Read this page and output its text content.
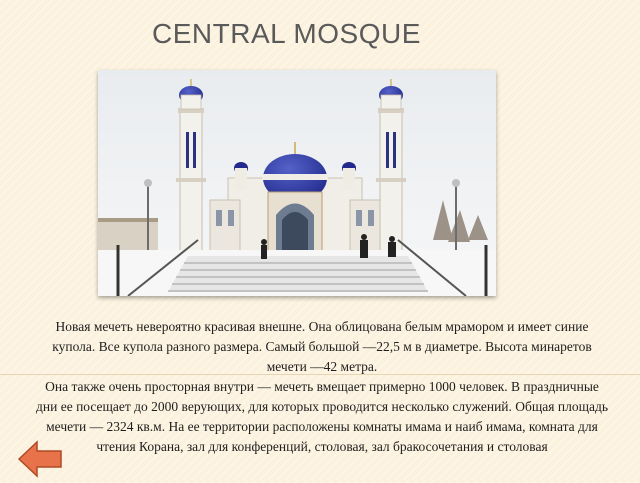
CENTRAL MOSQUE
Новая мечеть невероятно красивая внешне. Она облицована белым мрамором и имеет синие купола. Все купола разного размера. Самый большой —22,5 м в диаметре. Высота минаретов мечети —42 метра.
Она также очень просторная внутри — мечеть вмещает примерно 1000 человек. В праздничные дни ее посещает до 2000 верующих, для которых проводится несколько служений. Общая площадь мечети — 2324 кв.м. На ее территории расположены комнаты имама и наиб имама, комната для чтения Корана, зал для конференций, столовая, зал бракосочетания и столовая
